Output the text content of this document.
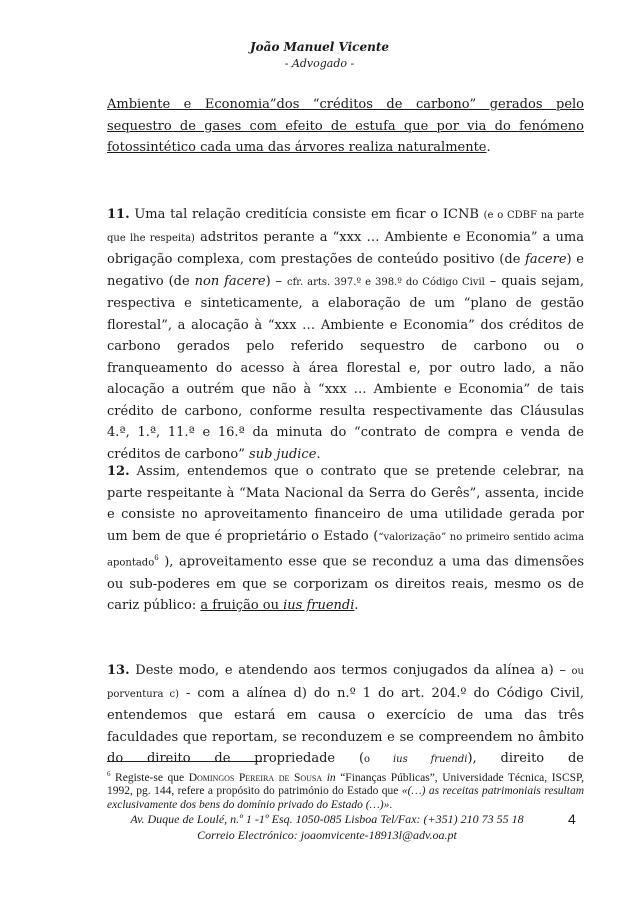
João Manuel Vicente
- Advogado -

Ambiente e Economia”dos “créditos de carbono” gerados pelo sequestro de gases com efeito de estufa que por via do fenómeno fotossintético cada uma das árvores realiza naturalmente.

11. Uma tal relação creditícia consiste em ficar o ICNB (e o CDBF na parte que lhe respeita) adstritos perante a “xxx … Ambiente e Economia” a uma obrigação complexa, com prestações de conteúdo positivo (de facere) e negativo (de non facere) – cfr. arts. 397.º e 398.º do Código Civil – quais sejam, respectiva e sinteticamente, a elaboração de um “plano de gestão florestal”, a alocação à “xxx … Ambiente e Economia” dos créditos de carbono gerados pelo referido sequestro de carbono ou o franqueamento do acesso à área florestal e, por outro lado, a não alocação a outrém que não à “xxx … Ambiente e Economia” de tais crédito de carbono, conforme resulta respectivamente das Cláusulas 4.ª, 1.ª, 11.ª e 16.ª da minuta do “contrato de compra e venda de créditos de carbono” sub judice.

12. Assim, entendemos que o contrato que se pretende celebrar, na parte respeitante à “Mata Nacional da Serra do Gerês”, assenta, incide e consiste no aproveitamento financeiro de uma utilidade gerada por um bem de que é proprietário o Estado (“valorização” no primeiro sentido acima apontado$^6$ ), aproveitamento esse que se reconduz a uma das dimensões ou sub-poderes em que se corporizam os direitos reais, mesmo os de cariz público: a fruição ou ius fruendi.

13. Deste modo, e atendendo aos termos conjugados da alínea a) – ou porventura c) - com a alínea d) do n.º 1 do art. 204.º do Código Civil, entendemos que estará em causa o exercício de uma das três faculdades que reportam, se reconduzem e se compreendem no âmbito do direito de propriedade (o ius fruendi), direito de

$^6$ Registe-se que Domingos Pereira de Sousa in “Finanças Públicas”, Universidade Técnica, ISCSP, 1992, pg. 144, refere a propósito do património do Estado que «(…) as receitas patrimoniais resultam exclusivamente dos bens do domínio privado do Estado (…)».

Av. Duque de Loulé, n.º 1 -1º Esq. 1050-085 Lisboa Tel/Fax: (+351) 210 73 55 18
Correio Electrónico: joaomvicente-18913l@adv.oa.pt
4
